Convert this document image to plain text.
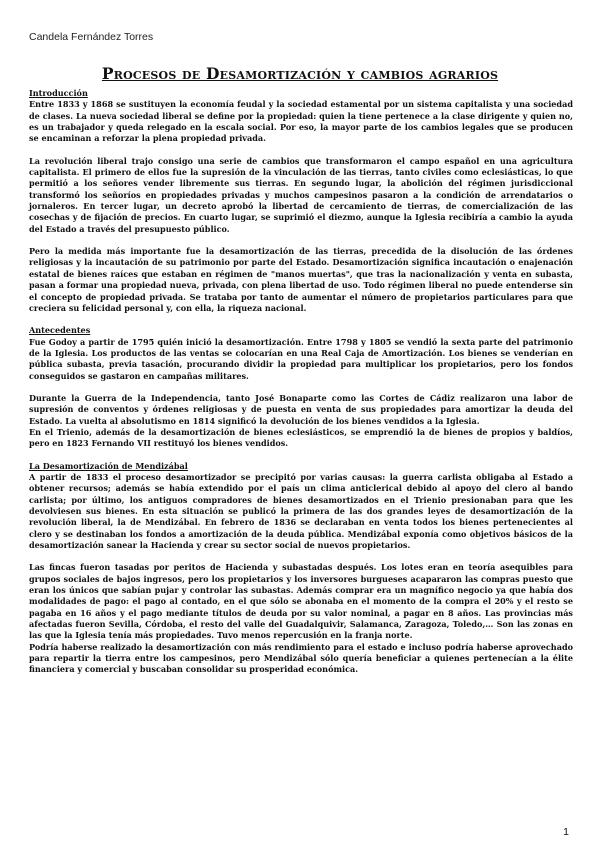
Candela Fernández Torres
Procesos de Desamortización y cambios agrarios

Introducción

Entre 1833 y 1868 se sustituyen la economía feudal y la sociedad estamental por un sistema capitalista y una sociedad de clases. La nueva sociedad liberal se define por la propiedad: quien la tiene pertenece a la clase dirigente y quien no, es un trabajador y queda relegado en la escala social. Por eso, la mayor parte de los cambios legales que se producen se encaminan a reforzar la plena propiedad privada.

La revolución liberal trajo consigo una serie de cambios que transformaron el campo español en una agricultura capitalista. El primero de ellos fue la supresión de la vinculación de las tierras, tanto civiles como eclesiásticas, lo que permitió a los señores vender libremente sus tierras. En segundo lugar, la abolición del régimen jurisdiccional transformó los señoríos en propiedades privadas y muchos campesinos pasaron a la condición de arrendatarios o jornaleros. En tercer lugar, un decreto aprobó la libertad de cercamiento de tierras, de comercialización de las cosechas y de fijación de precios. En cuarto lugar, se suprimió el diezmo, aunque la Iglesia recibiría a cambio la ayuda del Estado a través del presupuesto público.

Pero la medida más importante fue la desamortización de las tierras, precedida de la disolución de las órdenes religiosas y la incautación de su patrimonio por parte del Estado. Desamortización significa incautación o enajenación estatal de bienes raíces que estaban en régimen de "manos muertas", que tras la nacionalización y venta en subasta, pasan a formar una propiedad nueva, privada, con plena libertad de uso. Todo régimen liberal no puede entenderse sin el concepto de propiedad privada. Se trataba por tanto de aumentar el número de propietarios particulares para que creciera su felicidad personal y, con ella, la riqueza nacional.

Antecedentes

Fue Godoy a partir de 1795 quién inició la desamortización. Entre 1798 y 1805 se vendió la sexta parte del patrimonio de la Iglesia. Los productos de las ventas se colocarían en una Real Caja de Amortización. Los bienes se venderían en pública subasta, previa tasación, procurando dividir la propiedad para multiplicar los propietarios, pero los fondos conseguidos se gastaron en campañas militares.

Durante la Guerra de la Independencia, tanto José Bonaparte como las Cortes de Cádiz realizaron una labor de supresión de conventos y órdenes religiosas y de puesta en venta de sus propiedades para amortizar la deuda del Estado. La vuelta al absolutismo en 1814 significó la devolución de los bienes vendidos a la Iglesia.

En el Trienio, además de la desamortización de bienes eclesiásticos, se emprendió la de bienes de propios y baldíos, pero en 1823 Fernando VII restituyó los bienes vendidos.

La Desamortización de Mendizábal

A partir de 1833 el proceso desamortizador se precipitó por varias causas: la guerra carlista obligaba al Estado a obtener recursos; además se había extendido por el país un clima anticlerical debido al apoyo del clero al bando carlista; por último, los antiguos compradores de bienes desamortizados en el Trienio presionaban para que les devolviesen sus bienes. En esta situación se publicó la primera de las dos grandes leyes de desamortización de la revolución liberal, la de Mendizábal. En febrero de 1836 se declaraban en venta todos los bienes pertenecientes al clero y se destinaban los fondos a amortización de la deuda pública. Mendizábal exponía como objetivos básicos de la desamortización sanear la Hacienda y crear su sector social de nuevos propietarios.

Las fincas fueron tasadas por peritos de Hacienda y subastadas después. Los lotes eran en teoría asequibles para grupos sociales de bajos ingresos, pero los propietarios y los inversores burgueses acapararon las compras puesto que eran los únicos que sabían pujar y controlar las subastas. Además comprar era un magnífico negocio ya que había dos modalidades de pago: el pago al contado, en el que sólo se abonaba en el momento de la compra el 20% y el resto se pagaba en 16 años y el pago mediante títulos de deuda por su valor nominal, a pagar en 8 años. Las provincias más afectadas fueron Sevilla, Córdoba, el resto del valle del Guadalquivir, Salamanca, Zaragoza, Toledo,… Son las zonas en las que la Iglesia tenía más propiedades. Tuvo menos repercusión en la franja norte.

Podría haberse realizado la desamortización con más rendimiento para el estado e incluso podría haberse aprovechado para repartir la tierra entre los campesinos, pero Mendizábal sólo quería beneficiar a quienes pertenecían a la élite financiera y comercial y buscaban consolidar su prosperidad económica.

1
